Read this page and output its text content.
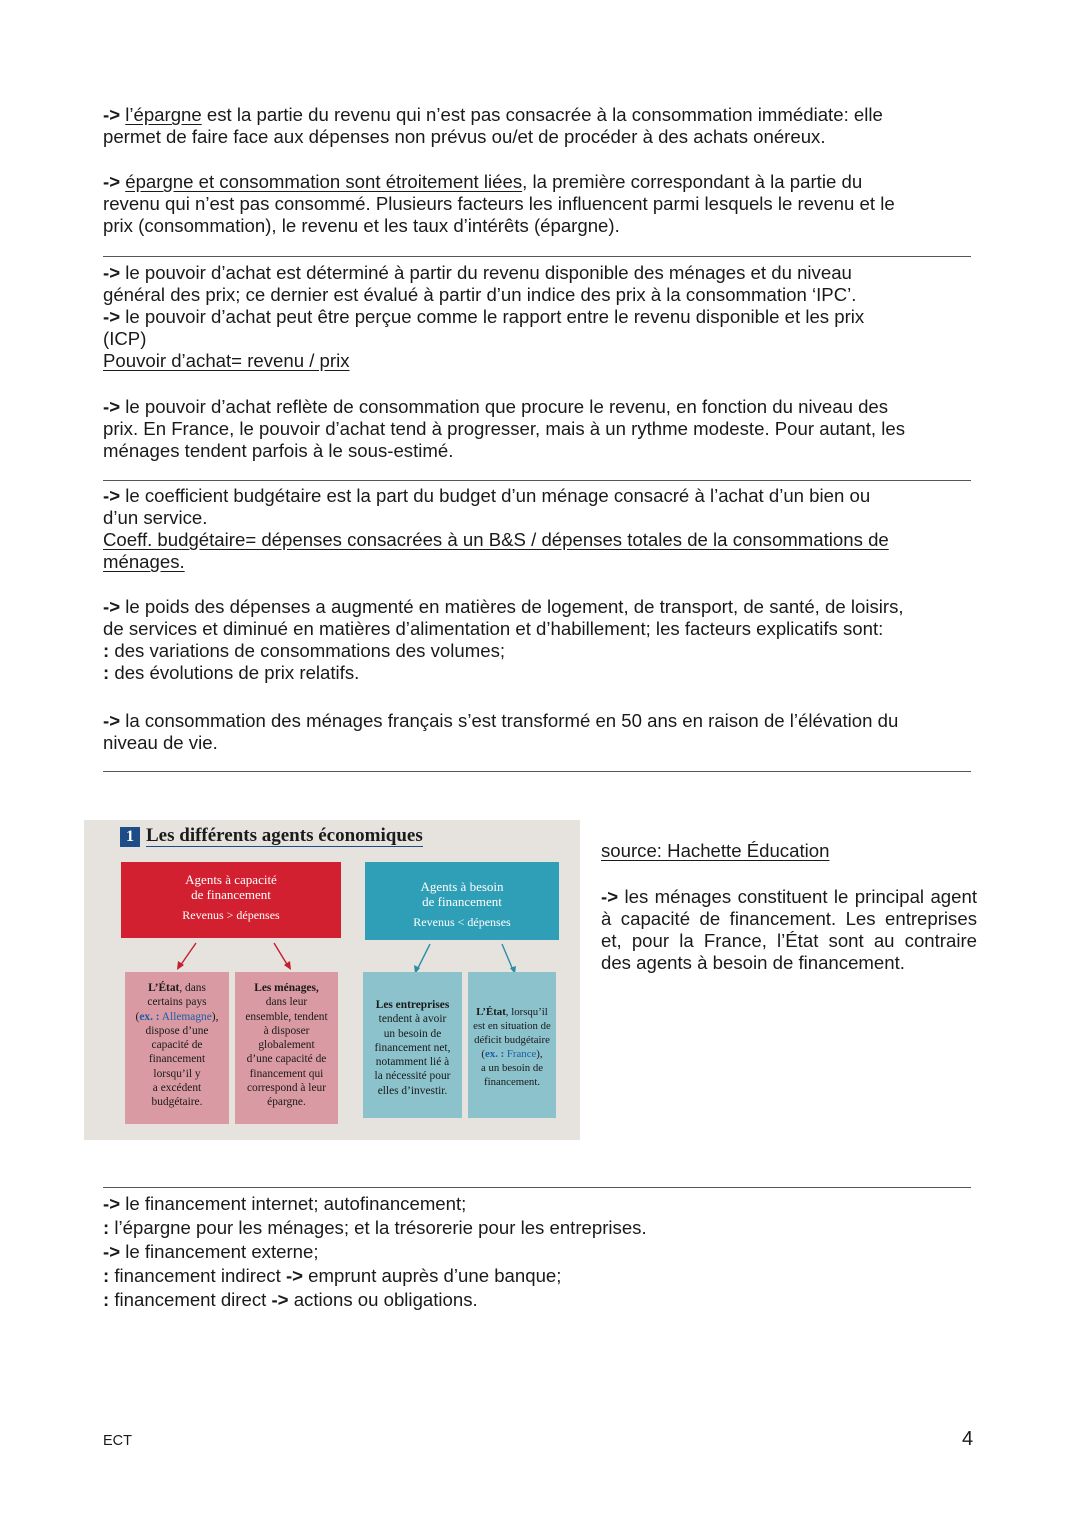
-> l’épargne est la partie du revenu qui n’est pas consacrée à la consommation immédiate: elle
permet de faire face aux dépenses non prévus ou/et de procéder à des achats onéreux.

-> épargne et consommation sont étroitement liées, la première correspondant à la partie du
revenu qui n’est pas consommé. Plusieurs facteurs les influencent parmi lesquels le revenu et le
prix (consommation), le revenu et les taux d’intérêts (épargne).

-> le pouvoir d’achat est déterminé à partir du revenu disponible des ménages et du niveau
général des prix; ce dernier est évalué à partir d’un indice des prix à la consommation ‘IPC’.
-> le pouvoir d’achat peut être perçue comme le rapport entre le revenu disponible et les prix
(ICP)
Pouvoir d’achat= revenu / prix

-> le pouvoir d’achat reflète de consommation que procure le revenu, en fonction du niveau des
prix. En France, le pouvoir d’achat tend à progresser, mais à un rythme modeste. Pour autant, les
ménages tendent parfois à le sous-estimé.

-> le coefficient budgétaire est la part du budget d’un ménage consacré à l’achat d’un bien ou
d’un service.
Coeff. budgétaire= dépenses consacrées à un B&S / dépenses totales de la consommations de
ménages.

-> le poids des dépenses a augmenté en matières de logement, de transport, de santé, de loisirs,
de services et diminué en matières d’alimentation et d’habillement; les facteurs explicatifs sont:
: des variations de consommations des volumes;
: des évolutions de prix relatifs.

-> la consommation des ménages français s’est transformé en 50 ans en raison de l’élévation du
niveau de vie.

1 Les différents agents économiques
Agents à capacité
de financement
Revenus > dépenses
Agents à besoin
de financement
Revenus < dépenses
L’État, dans
certains pays
(ex. : Allemagne),
dispose d’une
capacité de
financement
lorsqu’il y
a excédent
budgétaire.
Les ménages,
dans leur
ensemble, tendent
à disposer
globalement
d’une capacité de
financement qui
correspond à leur
épargne.
Les entreprises
tendent à avoir
un besoin de
financement net,
notamment lié à
la nécessité pour
elles d’investir.
L’État, lorsqu’il
est en situation de
déficit budgétaire
(ex. : France),
a un besoin de
financement.
source: Hachette Éducation

-> les ménages constituent le principal agent à capacité de financement. Les entreprises et, pour la France, l’État sont au contraire des agents à besoin de financement.

-> le financement internet; autofinancement;
: l’épargne pour les ménages; et la trésorerie pour les entreprises.
-> le financement externe;
: financement indirect -> emprunt auprès d’une banque;
: financement direct -> actions ou obligations.

ECT	4
